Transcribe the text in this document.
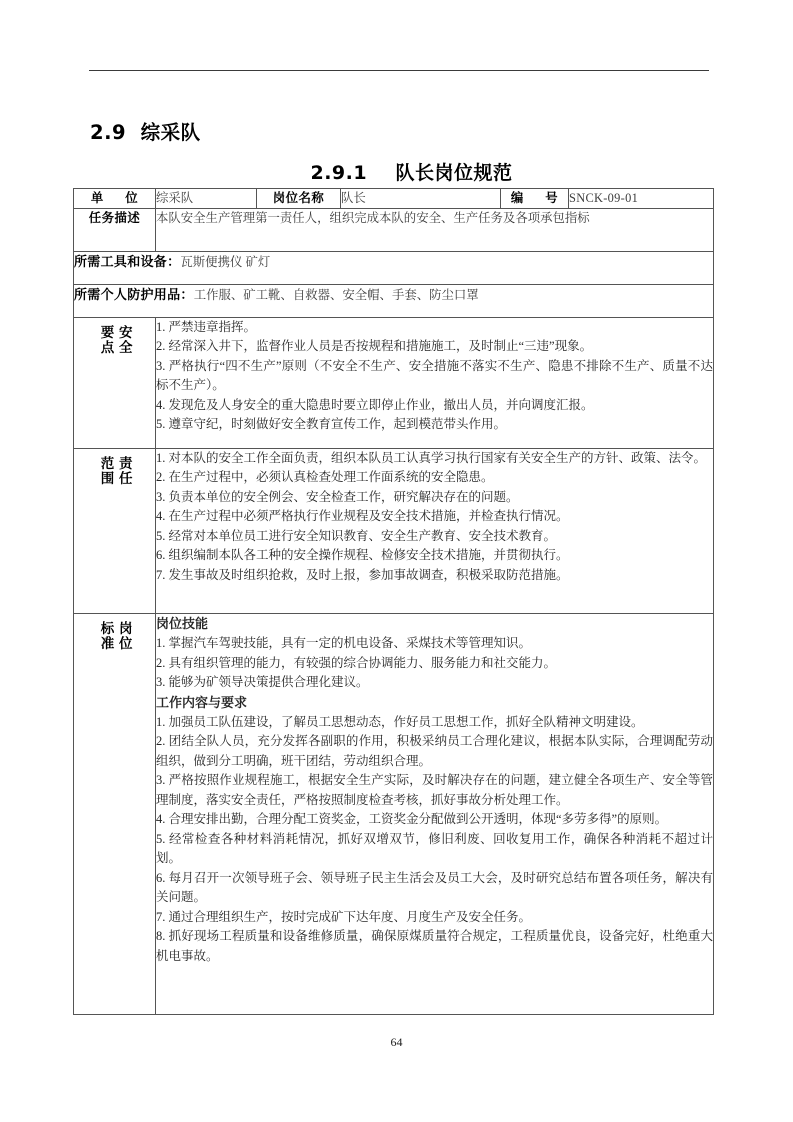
2.9  综采队
2.9.1    队长岗位规范
单      位	综采队	岗位名称	队长	编      号	SNCK-09-01
任务描述	本队安全生产管理第一责任人，组织完成本队的安全、生产任务及各项承包指标				
所需工具和设备：瓦斯便携仪 矿灯					
所需个人防护用品：工作服、矿工靴、自救器、安全帽、手套、防尘口罩					
安全要点	1. 严禁违章指挥。

2. 经常深入井下，监督作业人员是否按规程和措施施工，及时制止“三违”现象。

3. 严格执行“四不生产”原则（不安全不生产、安全措施不落实不生产、隐患不排除不生产、质量不达标不生产）。

4. 发现危及人身安全的重大隐患时要立即停止作业，撤出人员，并向调度汇报。

5. 遵章守纪，时刻做好安全教育宣传工作，起到模范带头作用。				

责任范围	1. 对本队的安全工作全面负责，组织本队员工认真学习执行国家有关安全生产的方针、政策、法令。

2. 在生产过程中，必须认真检查处理工作面系统的安全隐患。

3. 负责本单位的安全例会、安全检查工作，研究解决存在的问题。

4. 在生产过程中必须严格执行作业规程及安全技术措施，并检查执行情况。

5. 经常对本单位员工进行安全知识教育、安全生产教育、安全技术教育。

6. 组织编制本队各工种的安全操作规程、检修安全技术措施，并贯彻执行。

7. 发生事故及时组织抢救，及时上报，参加事故调查，积极采取防范措施。

岗位标准	岗位技能

1. 掌握汽车驾驶技能，具有一定的机电设备、采煤技术等管理知识。

2. 具有组织管理的能力，有较强的综合协调能力、服务能力和社交能力。

3. 能够为矿领导决策提供合理化建议。

工作内容与要求

1. 加强员工队伍建设，了解员工思想动态，作好员工思想工作，抓好全队精神文明建设。

2. 团结全队人员，充分发挥各副职的作用，积极采纳员工合理化建议，根据本队实际，合理调配劳动组织，做到分工明确，班干团结，劳动组织合理。

3. 严格按照作业规程施工，根据安全生产实际，及时解决存在的问题，建立健全各项生产、安全等管理制度，落实安全责任，严格按照制度检查考核，抓好事故分析处理工作。

4. 合理安排出勤，合理分配工资奖金，工资奖金分配做到公开透明，体现“多劳多得”的原则。

5. 经常检查各种材料消耗情况，抓好双增双节，修旧利废、回收复用工作，确保各种消耗不超过计划。

6. 每月召开一次领导班子会、领导班子民主生活会及员工大会，及时研究总结布置各项任务，解决有关问题。

7. 通过合理组织生产，按时完成矿下达年度、月度生产及安全任务。

8. 抓好现场工程质量和设备维修质量，确保原煤质量符合规定，工程质量优良，设备完好，杜绝重大机电事故。

64
